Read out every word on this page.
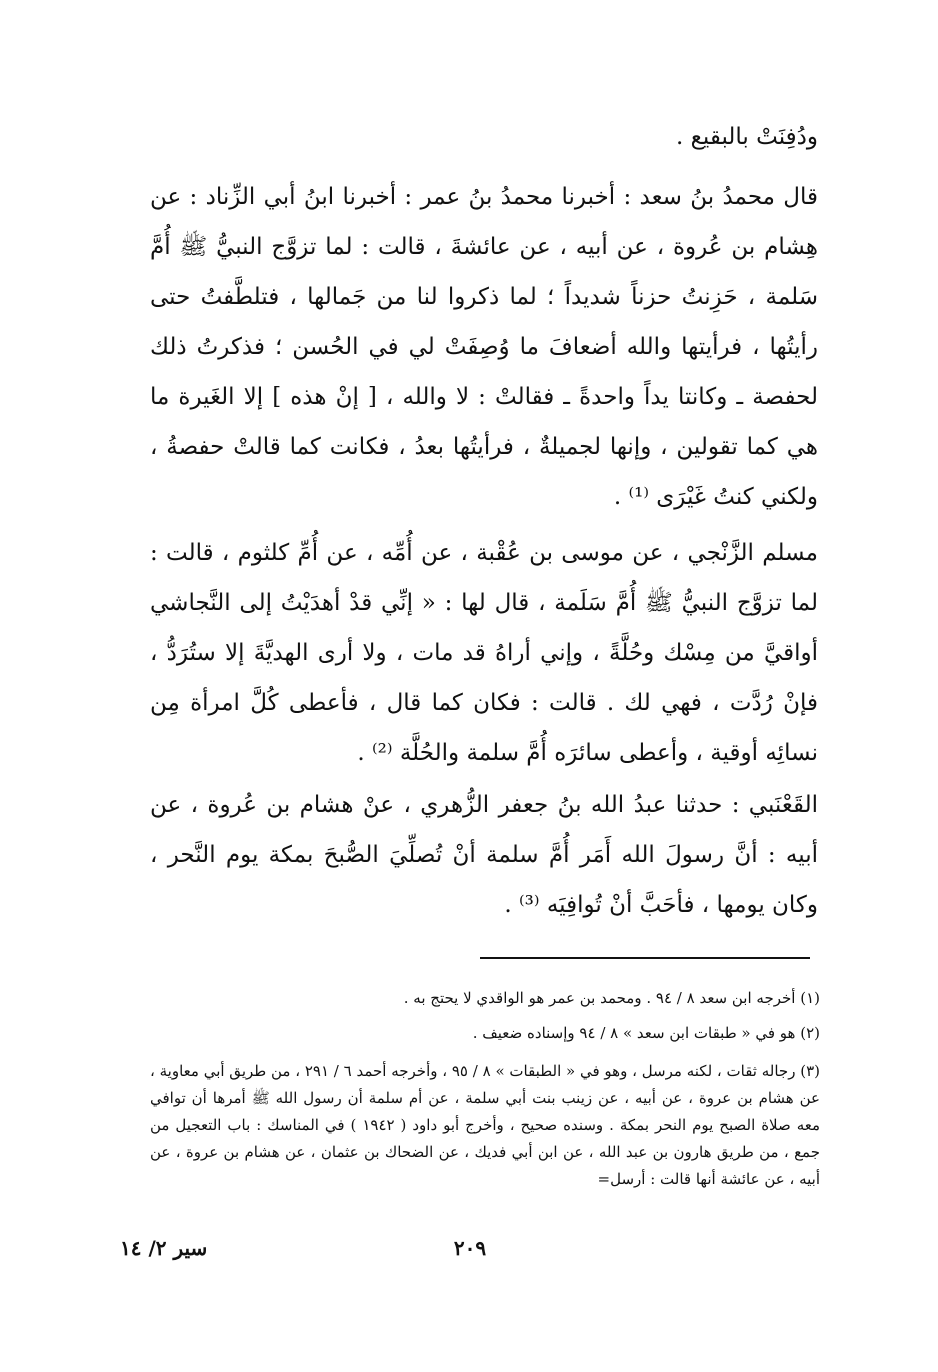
ودُفِنَتْ بالبقيع .

قال محمدُ بنُ سعد : أخبرنا محمدُ بنُ عمر : أخبرنا ابنُ أبي الزِّناد : عن هِشام بن عُروة ، عن أبيه ، عن عائشةَ ، قالت : لما تزوَّج النبيُّ ﷺ أُمَّ سَلمة ، حَزِنتُ حزناً شديداً ؛ لما ذكروا لنا من جَمالها ، فتلطَّفتُ حتى رأيتُها ، فرأيتها والله أضعافَ ما وُصِفَتْ لي في الحُسن ؛ فذكرتُ ذلك لحفصة ـ وكانتا يداً واحدةً ـ فقالتْ : لا والله ، [ إنْ هذه ] إلا الغَيرة ما هي كما تقولين ، وإنها لجميلةٌ ، فرأيتُها بعدُ ، فكانت كما قالتْ حفصةُ ، ولكني كنتُ غَيْرَى ⁽¹⁾ .

مسلم الزَّنْجي ، عن موسى بن عُقْبة ، عن أُمِّه ، عن أُمِّ كلثوم ، قالت : لما تزوَّج النبيُّ ﷺ أُمَّ سَلَمة ، قال لها : « إنِّي قدْ أهدَيْتُ إلى النَّجاشي أواقيَّ من مِسْك وحُلَّةً ، وإني أراهُ قد مات ، ولا أرى الهديَّةَ إلا ستُرَدُّ ، فإنْ رُدَّت ، فهي لك . قالت : فكان كما قال ، فأعطى كُلَّ امرأة مِن نسائِه أوقية ، وأعطى سائرَه أُمَّ سلمة والحُلَّة ⁽²⁾ .

القَعْنَبي : حدثنا عبدُ الله بنُ جعفر الزُّهري ، عنْ هشام بن عُروة ، عن أبيه : أنَّ رسولَ الله أَمَر أُمَّ سلمة أنْ تُصلِّيَ الصُّبحَ بمكة يوم النَّحر ، وكان يومها ، فأحَبَّ أنْ تُوافِيَه ⁽³⁾ .

(١) أخرجه ابن سعد ٨ / ٩٤ . ومحمد بن عمر هو الواقدي لا يحتج به .

(٢) هو في « طبقات ابن سعد » ٨ / ٩٤ وإسناده ضعيف .

(٣) رجاله ثقات ، لكنه مرسل ، وهو في « الطبقات » ٨ / ٩٥ ، وأخرجه أحمد ٦ / ٢٩١ ، من طريق أبي معاوية ، عن هشام بن عروة ، عن أبيه ، عن زينب بنت أبي سلمة ، عن أم سلمة أن رسول الله ﷺ أمرها أن توافي معه صلاة الصبح يوم النحر بمكة . وسنده صحيح ، وأخرج أبو داود ( ١٩٤٢ ) في المناسك : باب التعجيل من جمع ، من طريق هارون بن عبد الله ، عن ابن أبي فديك ، عن الضحاك بن عثمان ، عن هشام بن عروة ، عن أبيه ، عن عائشة أنها قالت : أرسل=

٢٠٩
سير ٢/ ١٤
